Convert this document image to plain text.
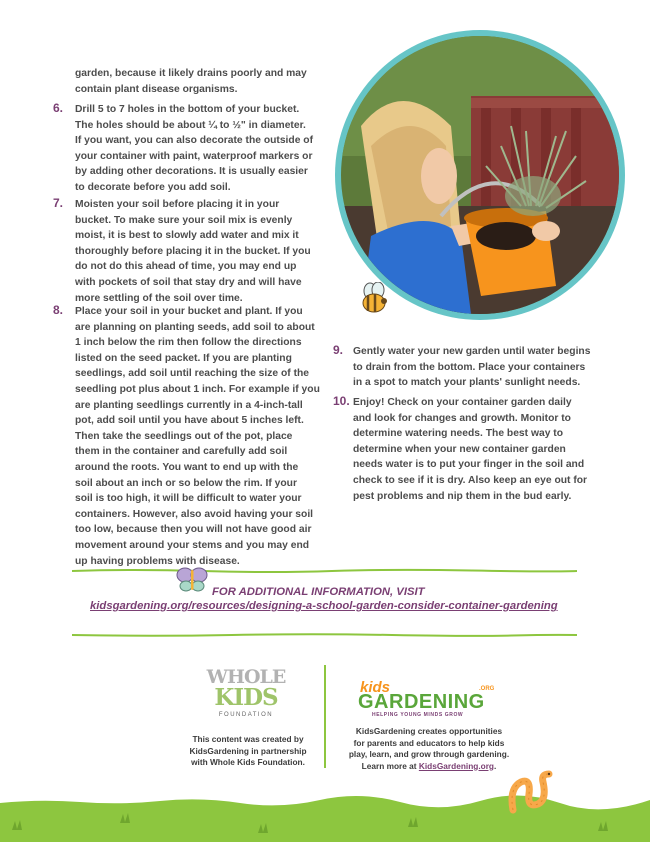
garden, because it likely drains poorly and may
contain plant disease organisms.
6. Drill 5 to 7 holes in the bottom of your bucket.
The holes should be about ¼ to ½" in diameter.
If you want, you can also decorate the outside of
your container with paint, waterproof markers or
by adding other decorations. It is usually easier
to decorate before you add soil.
7. Moisten your soil before placing it in your
bucket. To make sure your soil mix is evenly
moist, it is best to slowly add water and mix it
thoroughly before placing it in the bucket. If you
do not do this ahead of time, you may end up
with pockets of soil that stay dry and will have
more settling of the soil over time.
8. Place your soil in your bucket and plant. If you
are planning on planting seeds, add soil to about
1 inch below the rim then follow the directions
listed on the seed packet. If you are planting
seedlings, add soil until reaching the size of the
seedling pot plus about 1 inch. For example if you
are planting seedlings currently in a 4-inch-tall
pot, add soil until you have about 5 inches left.
Then take the seedlings out of the pot, place
them in the container and carefully add soil
around the roots. You want to end up with the
soil about an inch or so below the rim. If your
soil is too high, it will be difficult to water your
containers. However, also avoid having your soil
too low, because then you will not have good air
movement around your stems and you may end
up having problems with disease.
9. Gently water your new garden until water begins
to drain from the bottom. Place your containers
in a spot to match your plants' sunlight needs.
10. Enjoy! Check on your container garden daily
and look for changes and growth. Monitor to
determine watering needs. The best way to
determine when your new container garden
needs water is to put your finger in the soil and
check to see if it is dry. Also keep an eye out for
pest problems and nip them in the bud early.
FOR ADDITIONAL INFORMATION, VISIT
kidsgardening.org/resources/designing-a-school-garden-consider-container-gardening
WHOLE
KIDS
FOUNDATION
This content was created by
KidsGardening in partnership
with Whole Kids Foundation.
kids
GARDENING
.ORG
HELPING YOUNG MINDS GROW
KidsGardening creates opportunities
for parents and educators to help kids
play, learn, and grow through gardening.
Learn more at KidsGardening.org.
